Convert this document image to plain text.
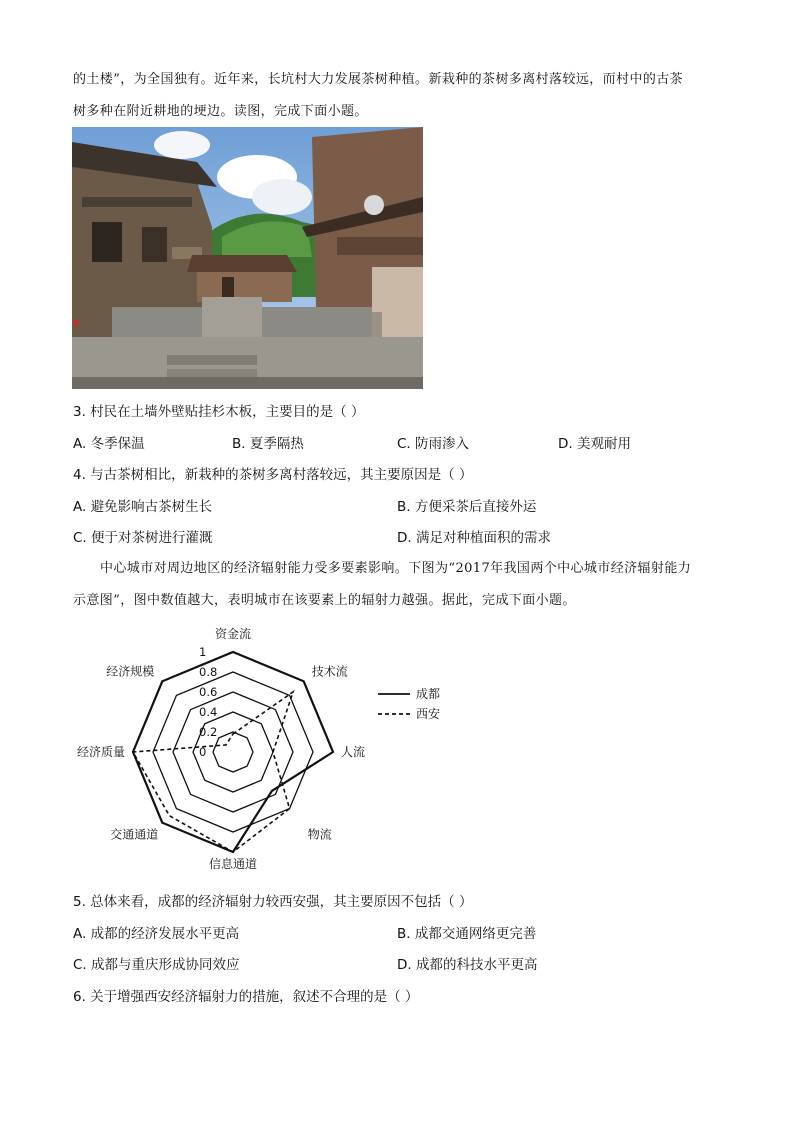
的土楼”，为全国独有。近年来，长坑村大力发展茶树种植。新栽种的茶树多离村落较远，而村中的古茶
树多种在附近耕地的埂边。读图，完成下面小题。
3. 村民在土墙外壁贴挂杉木板，主要目的是（ ）
A. 冬季保温	B. 夏季隔热	C. 防雨渗入	D. 美观耐用
4. 与古茶树相比，新栽种的茶树多离村落较远，其主要原因是（ ）
A. 避免影响古茶树生长	B. 方便采茶后直接外运
C. 便于对茶树进行灌溉	D. 满足对种植面积的需求
中心城市对周边地区的经济辐射能力受多要素影响。下图为“2017年我国两个中心城市经济辐射能力
示意图”，图中数值越大，表明城市在该要素上的辐射力越强。据此，完成下面小题。
1
0.8
0.6
0.4
0.2
0
资金流
技术流
人流
物流
信息通道
交通通道
经济质量
经济规模
成都
西安
5. 总体来看，成都的经济辐射力较西安强，其主要原因不包括（ ）
A. 成都的经济发展水平更高	B. 成都交通网络更完善
C. 成都与重庆形成协同效应	D. 成都的科技水平更高
6. 关于增强西安经济辐射力的措施，叙述不合理的是（ ）
